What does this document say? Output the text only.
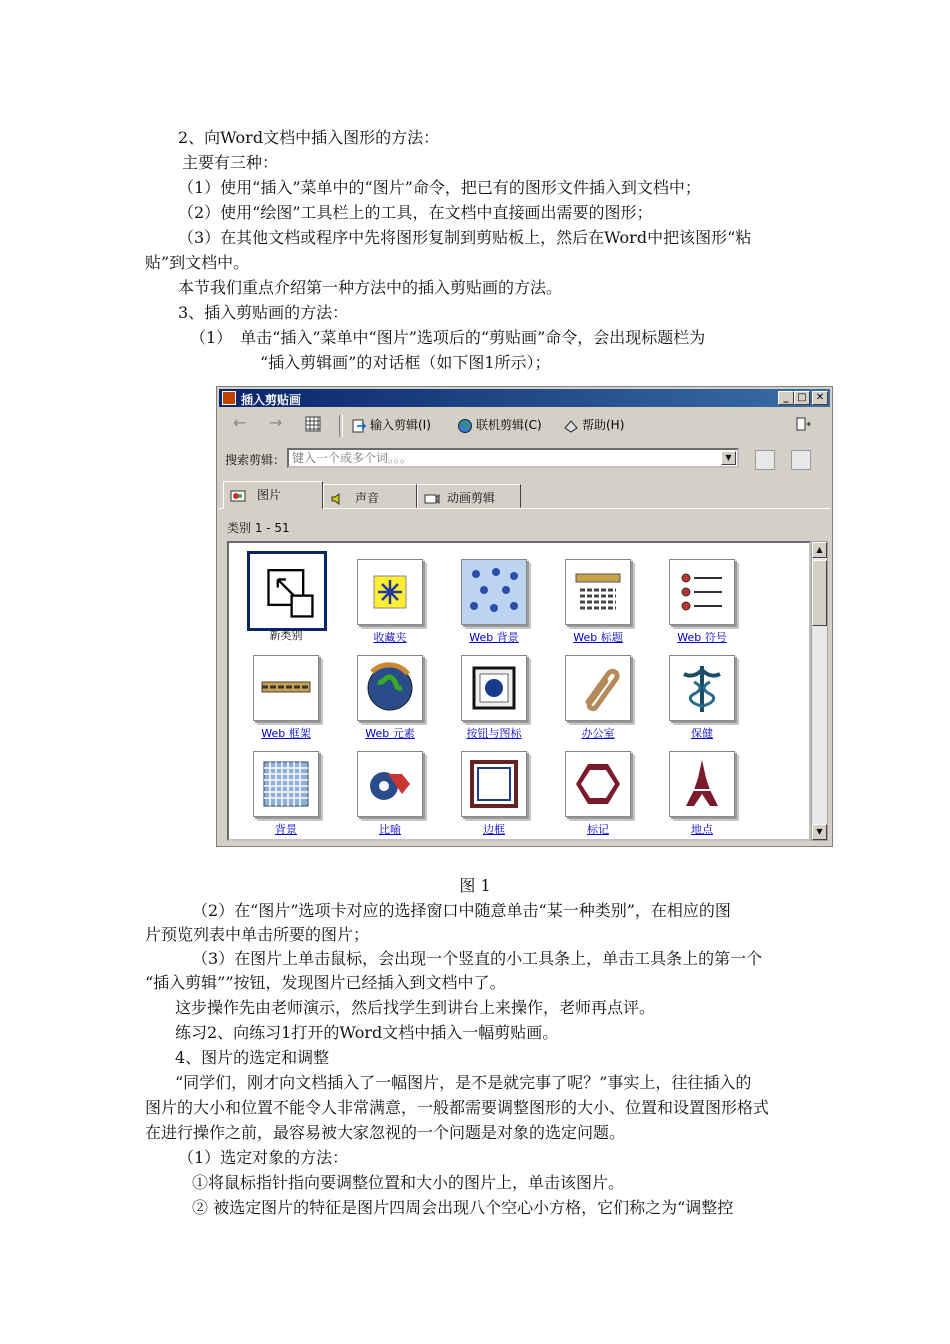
2、向Word文档中插入图形的方法：
主要有三种：
（1）使用“插入”菜单中的“图片”命令，把已有的图形文件插入到文档中；
（2）使用“绘图”工具栏上的工具，在文档中直接画出需要的图形；
（3）在其他文档或程序中先将图形复制到剪贴板上，然后在Word中把该图形“粘
贴”到文档中。
本节我们重点介绍第一种方法中的插入剪贴画的方法。
3、插入剪贴画的方法：
（1）　单击“插入”菜单中“图片”选项后的“剪贴画”命令，会出现标题栏为
“插入剪辑画”的对话框（如下图1所示）；
插入剪贴画	_ □ ✕
← →	输入剪辑(I)	联机剪辑(C)	帮助(H)
搜索剪辑：
键入一个或多个词。。。	▼
图片	声音	动画剪辑
类别 1 - 51
新类别	收藏夹	Web 背景	Web 标题	Web 符号
Web 框架	Web 元素	按钮与图标	办公室	保健
背景	比喻	边框	标记	地点
▲
▼
图 1
（2）在“图片”选项卡对应的选择窗口中随意单击“某一种类别”，在相应的图
片预览列表中单击所要的图片；
（3）在图片上单击鼠标，会出现一个竖直的小工具条上，单击工具条上的第一个
“插入剪辑””按钮，发现图片已经插入到文档中了。
这步操作先由老师演示，然后找学生到讲台上来操作，老师再点评。
练习2、向练习1打开的Word文档中插入一幅剪贴画。
4、图片的选定和调整
“同学们，刚才向文档插入了一幅图片，是不是就完事了呢？”事实上，往往插入的
图片的大小和位置不能令人非常满意，一般都需要调整图形的大小、位置和设置图形格式
在进行操作之前，最容易被大家忽视的一个问题是对象的选定问题。
（1）选定对象的方法：
①将鼠标指针指向要调整位置和大小的图片上，单击该图片。
② 被选定图片的特征是图片四周会出现八个空心小方格，它们称之为“调整控
